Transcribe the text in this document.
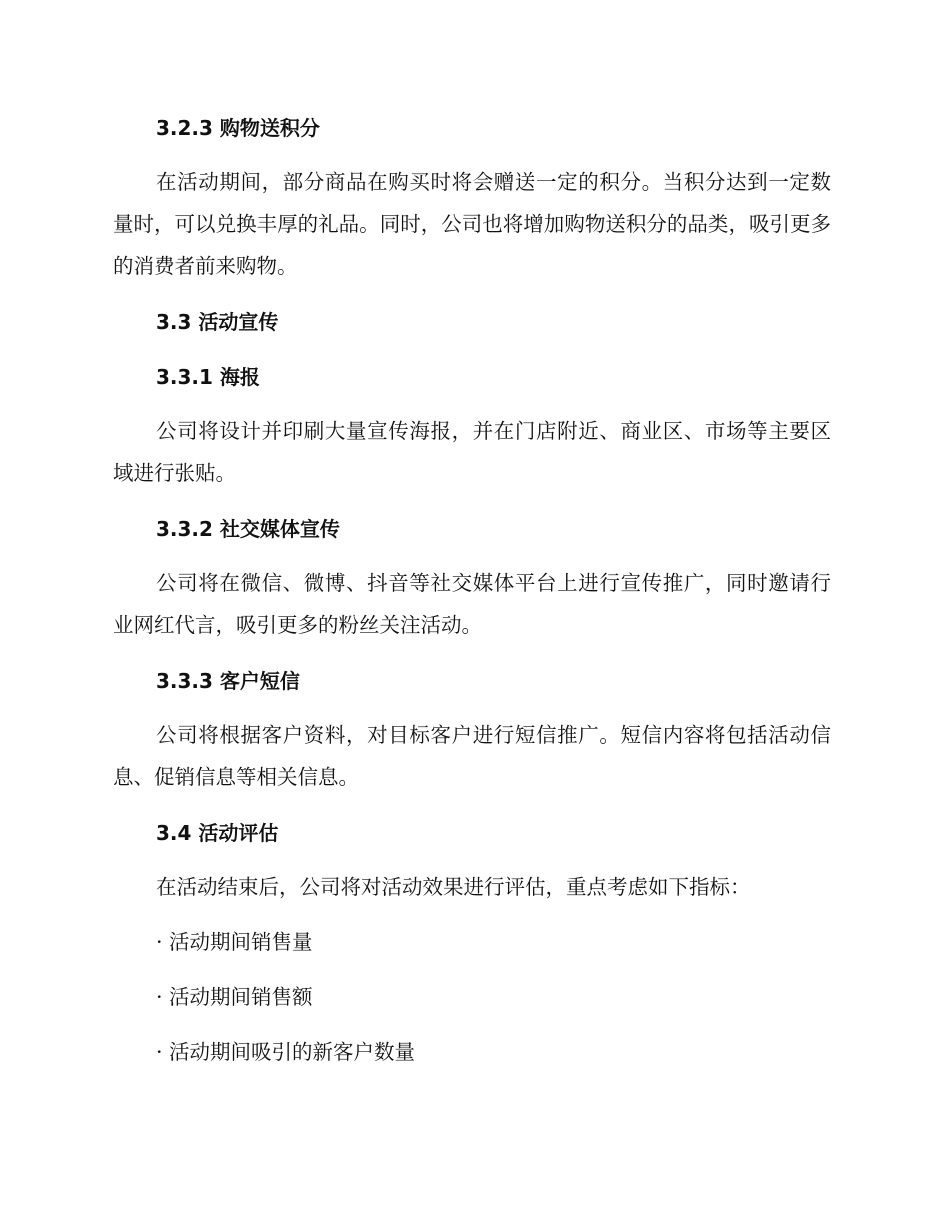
3.2.3 购物送积分

在活动期间，部分商品在购买时将会赠送一定的积分。当积分达到一定数量时，可以兑换丰厚的礼品。同时，公司也将增加购物送积分的品类，吸引更多的消费者前来购物。

3.3 活动宣传
3.3.1 海报

公司将设计并印刷大量宣传海报，并在门店附近、商业区、市场等主要区域进行张贴。

3.3.2 社交媒体宣传

公司将在微信、微博、抖音等社交媒体平台上进行宣传推广，同时邀请行业网红代言，吸引更多的粉丝关注活动。

3.3.3 客户短信

公司将根据客户资料，对目标客户进行短信推广。短信内容将包括活动信息、促销信息等相关信息。

3.4 活动评估

在活动结束后，公司将对活动效果进行评估，重点考虑如下指标：

· 活动期间销售量
· 活动期间销售额
· 活动期间吸引的新客户数量
